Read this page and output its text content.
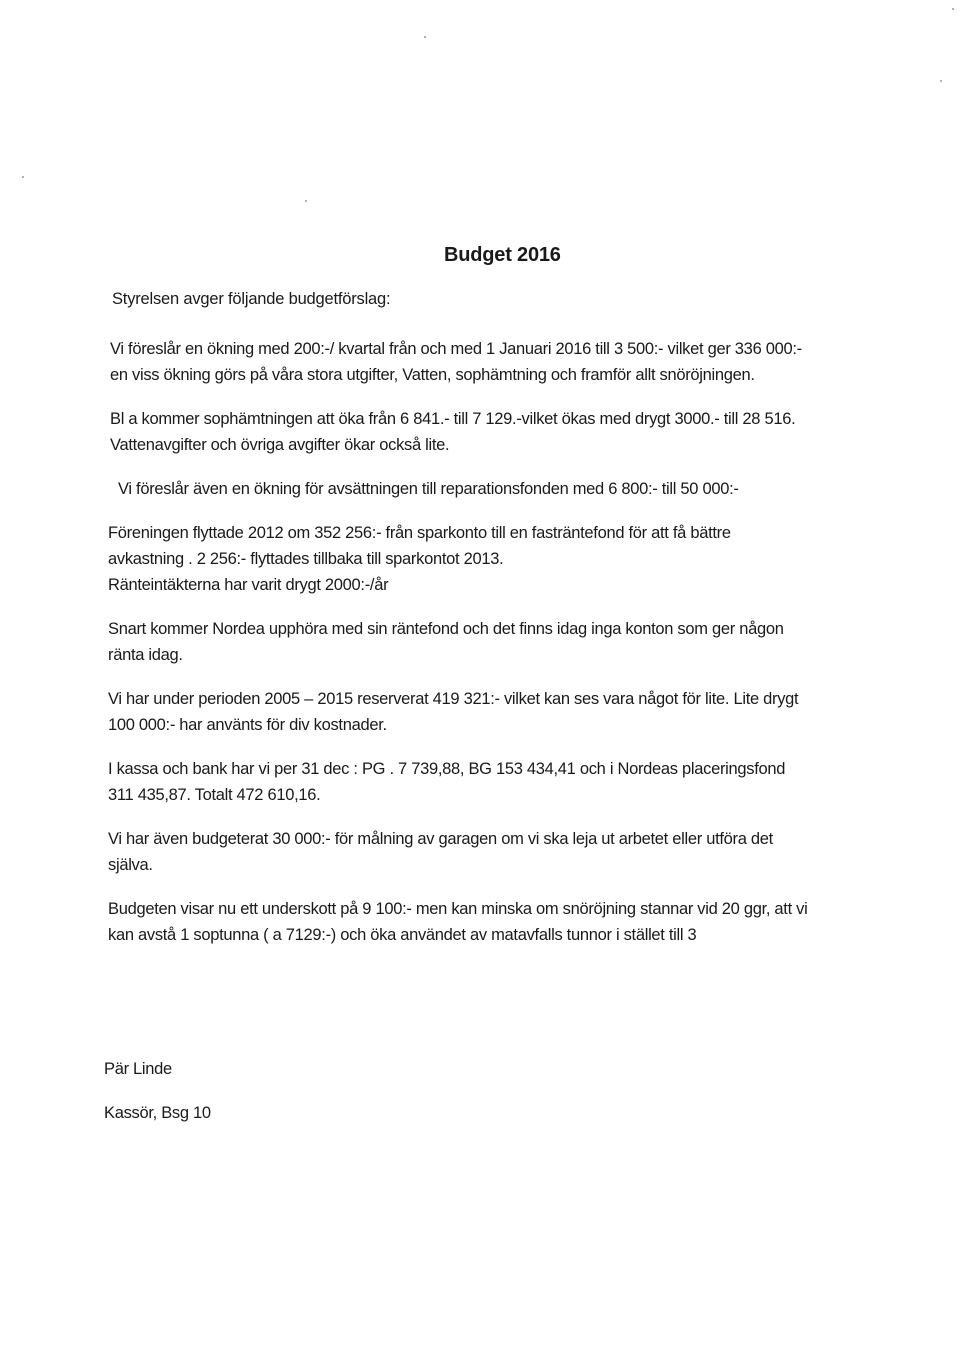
Budget 2016
Styrelsen avger följande budgetförslag:
Vi föreslår en ökning med 200:-/ kvartal från och med 1 Januari 2016 till 3 500:- vilket ger 336 000:-
en viss ökning görs på våra stora utgifter, Vatten, sophämtning och framför allt snöröjningen.
Bl a kommer sophämtningen att öka från 6 841.- till 7 129.-vilket ökas med drygt 3000.- till 28 516.
Vattenavgifter och övriga avgifter ökar också lite.
Vi föreslår även en ökning för avsättningen till reparationsfonden med 6 800:- till 50 000:-
Föreningen flyttade 2012 om 352 256:- från sparkonto till en fasträntefond för att få bättre
avkastning . 2 256:- flyttades tillbaka till sparkontot 2013.
Ränteintäkterna har varit drygt 2000:-/år
Snart kommer Nordea upphöra med sin räntefond och det finns idag inga konton som ger någon
ränta idag.
Vi har under perioden 2005 – 2015 reserverat 419 321:- vilket kan ses vara något för lite. Lite drygt
100 000:- har använts för div kostnader.
I kassa och bank har vi per 31 dec : PG . 7 739,88, BG 153 434,41 och i Nordeas placeringsfond
311 435,87. Totalt 472 610,16.
Vi har även budgeterat 30 000:- för målning av garagen om vi ska leja ut arbetet eller utföra det
själva.
Budgeten visar nu ett underskott på 9 100:- men kan minska om snöröjning stannar vid 20 ggr, att vi
kan avstå 1 soptunna ( a 7129:-) och öka användet av matavfalls tunnor i stället till 3
Pär Linde
Kassör, Bsg 10
